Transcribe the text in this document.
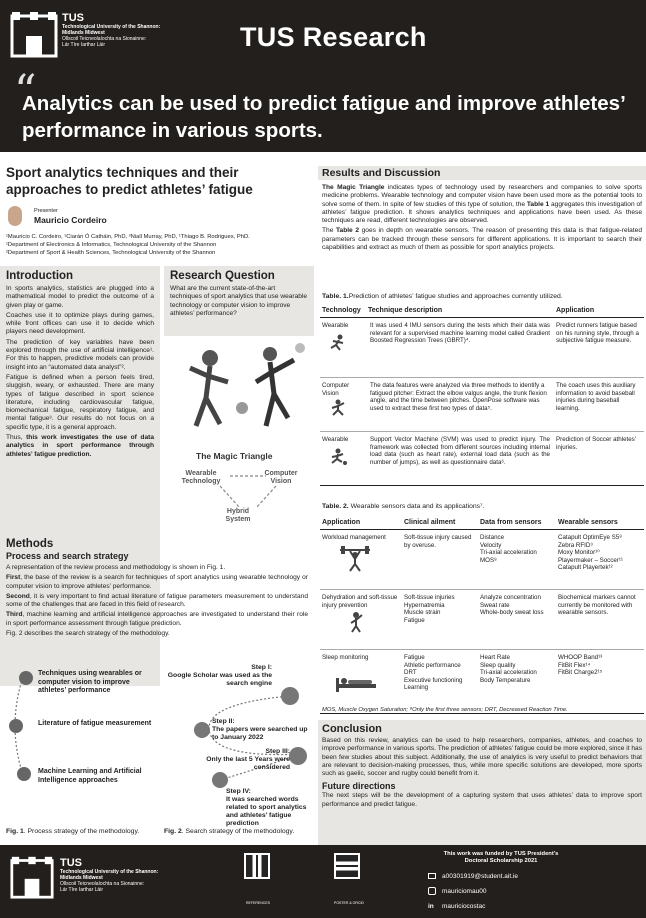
TUS
Technological University of the Shannon:
Midlands Midwest
Ollscoil Teicneolaíochta na Sionainne:
Lár Tíre Iarthar Láir	TUS Research
“
Analytics can be used to predict fatigue and improve athletes’ performance in various sports.
Sport analytics techniques and their approaches to predict athletes’ fatigue
Presenter
Mauricio Cordeiro
¹Mauricio C. Cordeiro, ¹Ciarán Ó Catháin, PhD, ²Niall Murray, PhD, ¹Thiago B. Rodrigues, PhD.
¹Department of Electronics & Informatics, Technological University of the Shannon
²Department of Sport & Health Sciences, Technological University of the Shannon
Introduction

In sports analytics, statistics are plugged into a mathematical model to predict the outcome of a given play or game.

Coaches use it to optimize plays during games, while front offices can use it to decide which players need development.

The prediction of key variables have been explored through the use of artificial intelligence¹. For this to happen, predictive models can provide insight into an “automated data analyst”².

Fatigue is defined when a person feels tired, sluggish, weary, or exhausted. There are many types of fatigue described in sport science literature, including cardiovascular fatigue, biomechanical fatigue, respiratory fatigue, and mental fatigue³. Our results do not focus on a specific type, it is a general approach.

Thus, this work investigates the use of data analytics in sport performance through athletes’ fatigue prediction.

Research Question

What are the current state-of-the-art techniques of sport analytics that use wearable technology or computer vision to improve athletes’ performance?

The Magic Triangle
Wearable Technology
Computer Vision
Hybrid System
Methods
Process and search strategy

A representation of the review process and methodology is shown in Fig. 1.

First, the base of the review is a search for techniques of sport analytics using wearable technology or computer vision to improve athletes’ performance.

Second, it is very important to find actual literature of fatigue parameters measurement to understand some of the challenges that are faced in this field of research.

Third, machine learning and artificial intelligence approaches are investigated to understand their role in sport performance assessment through fatigue prediction.

Fig. 2 describes the search strategy of the methodology.

Techniques using wearables or computer vision to improve athletes’ performance
Literature of fatigue measurement
Machine Learning and Artificial Intelligence approaches
Step I:
Google Scholar was used as the search engine
Step II:
The papers were searched up to January 2022
Step III:
Only the last 5 Years were considered
Step IV:
It was searched words related to sport analytics and athletes’ fatigue prediction
Fig. 1. Process strategy of the methodology.	Fig. 2. Search strategy of the methodology.
Results and Discussion

The Magic Triangle indicates types of technology used by researchers and companies to solve sports medicine problems. Wearable technology and computer vision have been used more as the potential tools to solve some of them. In spite of few studies of this type of solution, the Table 1 aggregates this investigation of athletes’ fatigue prediction. It shows analytics techniques and applications have been used. As these techniques are read, different technologies are observed.

The Table 2 goes in depth on wearable sensors. The reason of presenting this data is that fatigue-related parameters can be tracked through these sensors for different applications. It is important to search their capabilities and extract as much of them as possible for sport analytics projects.

Table. 1.Prediction of athletes’ fatigue studies and approaches currently utilized.
Technology	Technique description	Application

Wearable	It was used 4 IMU sensors during the tests which their data was relevant for a supervised machine learning model called Gradient Boosted Regression Trees (GBRT)⁴.	Predict runners fatigue based on his running style, through a subjective fatigue measure.

Computer Vision	The data features were analyzed via three methods to identify a fatigued pitcher: Extract the elbow valgus angle, the trunk flexion angle, and the time between pitches. OpenPose software was used to extract these first two types of data⁵.	The coach uses this auxiliary information to avoid baseball injuries during baseball learning.

Wearable	Support Vector Machine (SVM) was used to predict injury. The framework was collected from different sources including internal load data (such as heart rate), external load data (such as the number of jumps), as well as questionnaire data⁶.	Prediction of Soccer athletes’ injuries.
Table. 2. Wearable sensors data and its applications⁷.
Application	Clinical ailment	Data from sensors	Wearable sensors

Workload management	Soft-tissue injury caused by overuse.	Distance
Velocity
Tri-axial acceleration
MOS⁸	Catapult OptimEye S5⁸
Zebra RFID⁹
Moxy Monitor¹⁰
Playermaker – Soccer¹¹
Catapult Playertek¹²

Dehydration and soft-tissue injury prevention	Soft-tissue injuries
Hypernatremia
Muscle strain
Fatigue	Analyze concentration
Sweat rate
Whole-body sweat loss	Biochemical markers cannot currently be monitored with wearable sensors.

Sleep monitoring	Fatigue
Athletic performance
DRT
Executive functioning
Learning	Heart Rate
Sleep quality
Tri-axial acceleration
Body Temperature	WHOOP Band¹³
FitBit Flex¹⁴
FitBit Charge2¹⁵
MOS, Muscle Oxygen Saturation; ⁸Only the first three sensors; DRT, Decreased Reaction Time.
Conclusion

Based on this review, analytics can be used to help researchers, companies, athletes, and coaches to improve performance in various sports. The prediction of athletes’ fatigue could be more explored, since it has been few studies about this subject. Additionally, the use of analytics is very useful to predict behaviors that are relevant to decision-making processes, thus, while more specific solutions are developed, more sports such as gaelic, soccer and rugby could benefit from it.

Future directions

The next steps will be the development of a capturing system that uses athletes’ data to improve sport performance and predict fatigue.

TUS
Technological University of the Shannon:
Midlands Midwest
Ollscoil Teicneolaíochta na Sionainne:
Lár Tíre Iarthar Láir
REFERENCES	POSTER & ORCID
This work was funded by TUS President’s Doctoral Scholarship 2021
a00301919@student.ait.ie
mauriciomau00
in mauriciocostac
